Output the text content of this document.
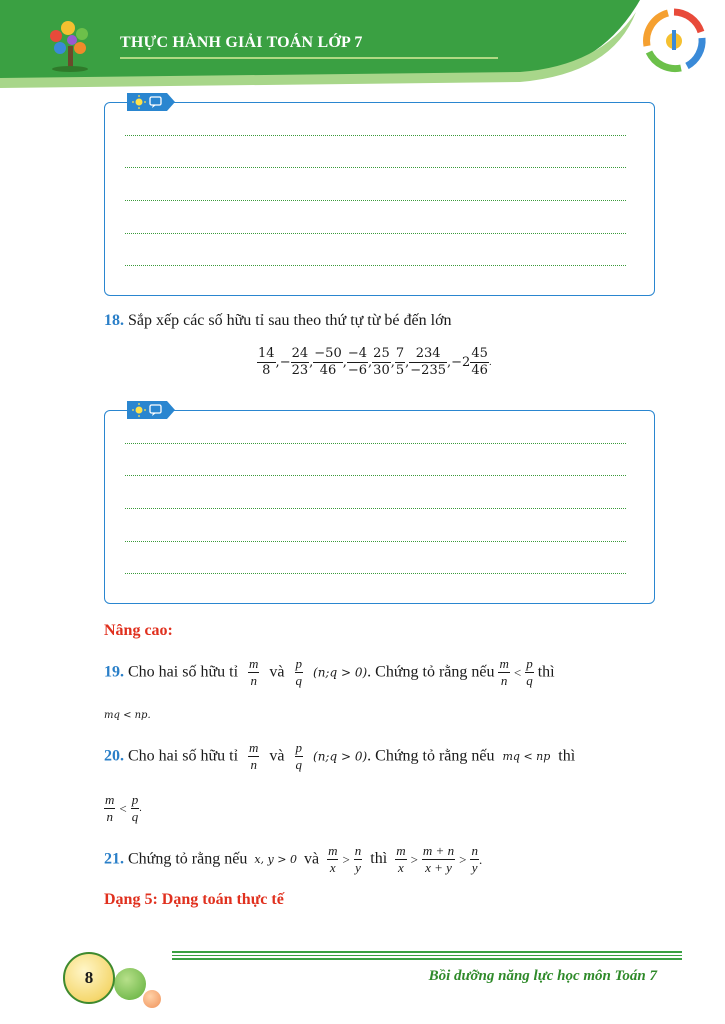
THỰC HÀNH GIẢI TOÁN LỚP 7
18. Sắp xếp các số hữu tỉ sau theo thứ tự từ bé đến lớn
$\frac{14}{8}$ ,− $\frac{24}{23}$ , $\frac{-50}{46}$ , $\frac{-4}{-6}$ , $\frac{25}{30}$ , $\frac{7}{5}$ , $\frac{234}{-235} ,-2 \frac{45}{46}$ .
Nâng cao:
19. Cho hai số hữu tỉ $\frac{m}{n}$ và $\frac{p}{q}$ (n;q > 0). Chứng tỏ rằng nếu $\frac{m}{n} < \frac{p}{q}$ thì
mq < np.
20. Cho hai số hữu tỉ $\frac{m}{n}$ và $\frac{p}{q}$ (n;q > 0). Chứng tỏ rằng nếu mq < np thì
$\frac{m}{n} < \frac{p}{q}$ .
21. Chứng tỏ rằng nếu x, y > 0 và $\frac{m}{x} > \frac{n}{y}$ thì $\frac{m}{x} > \frac{m + n}{x + y} > \frac{n}{y}$ .
Dạng 5: Dạng toán thực tế
8	Bồi dưỡng năng lực học môn Toán 7
